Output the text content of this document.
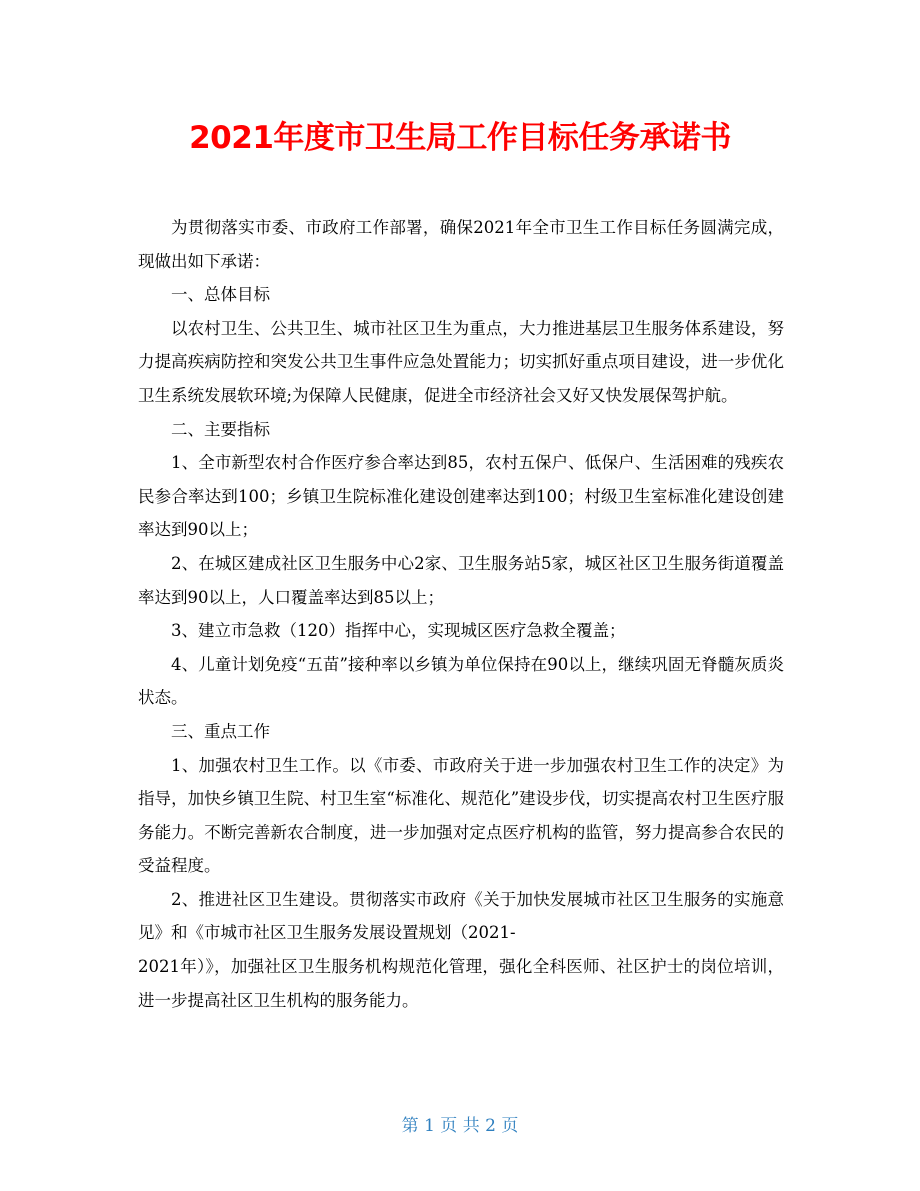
2021年度市卫生局工作目标任务承诺书

为贯彻落实市委、市政府工作部署，确保2021年全市卫生工作目标任务圆满完成，现做出如下承诺：

一、总体目标

以农村卫生、公共卫生、城市社区卫生为重点，大力推进基层卫生服务体系建设，努力提高疾病防控和突发公共卫生事件应急处置能力；切实抓好重点项目建设，进一步优化卫生系统发展软环境;为保障人民健康，促进全市经济社会又好又快发展保驾护航。

二、主要指标

1、全市新型农村合作医疗参合率达到85，农村五保户、低保户、生活困难的残疾农民参合率达到100；乡镇卫生院标准化建设创建率达到100；村级卫生室标准化建设创建率达到90以上；

2、在城区建成社区卫生服务中心2家、卫生服务站5家，城区社区卫生服务街道覆盖率达到90以上，人口覆盖率达到85以上；

3、建立市急救（120）指挥中心，实现城区医疗急救全覆盖；

4、儿童计划免疫“五苗”接种率以乡镇为单位保持在90以上，继续巩固无脊髓灰质炎状态。

三、重点工作

1、加强农村卫生工作。以《市委、市政府关于进一步加强农村卫生工作的决定》为指导，加快乡镇卫生院、村卫生室“标准化、规范化”建设步伐，切实提高农村卫生医疗服务能力。不断完善新农合制度，进一步加强对定点医疗机构的监管，努力提高参合农民的受益程度。

2、推进社区卫生建设。贯彻落实市政府《关于加快发展城市社区卫生服务的实施意见》和《市城市社区卫生服务发展设置规划（2021-

2021年）》，加强社区卫生服务机构规范化管理，强化全科医师、社区护士的岗位培训，进一步提高社区卫生机构的服务能力。

第 1 页 共 2 页
